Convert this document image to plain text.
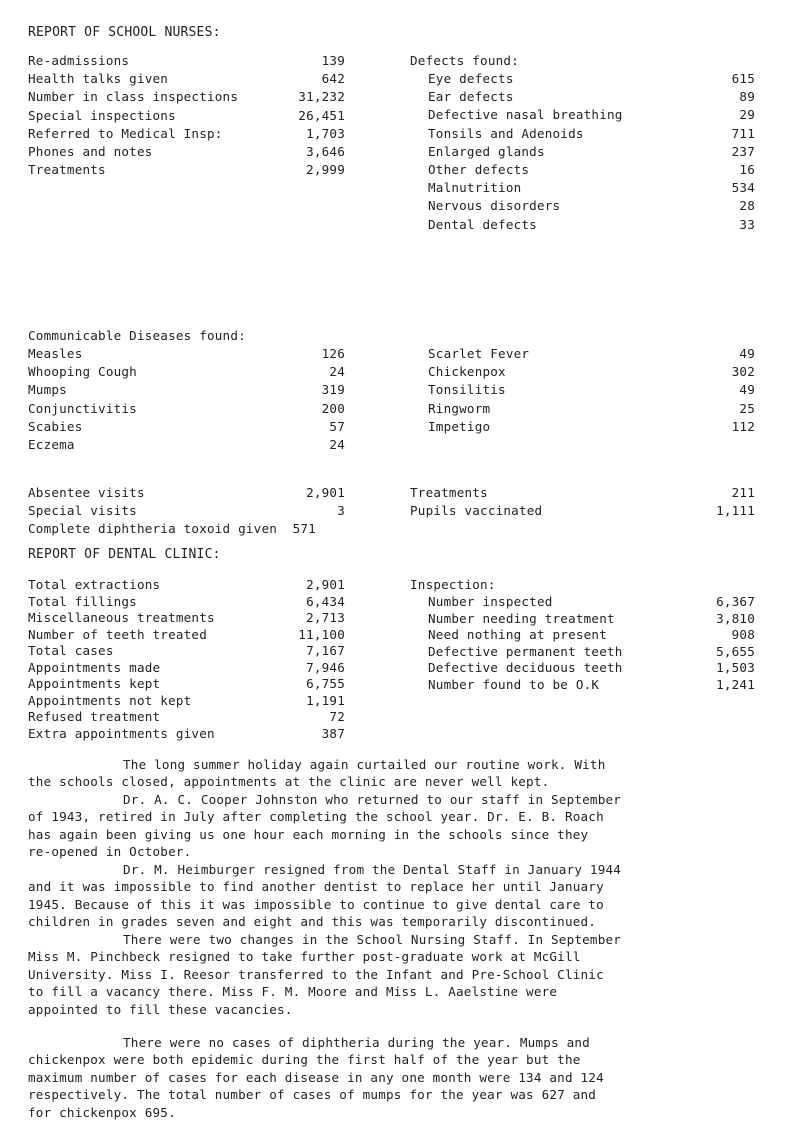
REPORT OF SCHOOL NURSES:
Re-admissions	139
Health talks given	642
Number in class inspections	31,232
Special inspections	26,451
Referred to Medical Insp:	1,703
Phones and notes	3,646
Treatments	2,999
Defects found:
Eye defects	615
Ear defects	89
Defective nasal breathing	29
Tonsils and Adenoids	711
Enlarged glands	237
Other defects	16
Malnutrition	534
Nervous disorders	28
Dental defects	33
Communicable Diseases found:
Measles	126
Whooping Cough	24
Mumps	319
Conjunctivitis	200
Scabies	57
Eczema	24
Scarlet Fever	49
Chickenpox	302
Tonsilitis	49
Ringworm	25
Impetigo	112
Absentee visits	2,901
Special visits	3
Treatments	211
Pupils vaccinated	1,111
Complete diphtheria toxoid given  571
REPORT OF DENTAL CLINIC:
Total extractions	2,901
Total fillings	6,434
Miscellaneous treatments	2,713
Number of teeth treated	11,100
Total cases	7,167
Appointments made	7,946
Appointments kept	6,755
Appointments not kept	1,191
Refused treatment	72
Extra appointments given	387
Inspection:
Number inspected	6,367
Number needing treatment	3,810
Need nothing at present	908
Defective permanent teeth	5,655
Defective deciduous teeth	1,503
Number found to be O.K	1,241
The long summer holiday again curtailed our routine work. With
the schools closed, appointments at the clinic are never well kept.
Dr. A. C. Cooper Johnston who returned to our staff in September
of 1943, retired in July after completing the school year. Dr. E. B. Roach
has again been giving us one hour each morning in the schools since they
re-opened in October.
Dr. M. Heimburger resigned from the Dental Staff in January 1944
and it was impossible to find another dentist to replace her until January
1945. Because of this it was impossible to continue to give dental care to
children in grades seven and eight and this was temporarily discontinued.
There were two changes in the School Nursing Staff. In September
Miss M. Pinchbeck resigned to take further post-graduate work at McGill
University. Miss I. Reesor transferred to the Infant and Pre-School Clinic
to fill a vacancy there. Miss F. M. Moore and Miss L. Aaelstine were
appointed to fill these vacancies.
There were no cases of diphtheria during the year. Mumps and
chickenpox were both epidemic during the first half of the year but the
maximum number of cases for each disease in any one month were 134 and 124
respectively. The total number of cases of mumps for the year was 627 and
for chickenpox 695.
